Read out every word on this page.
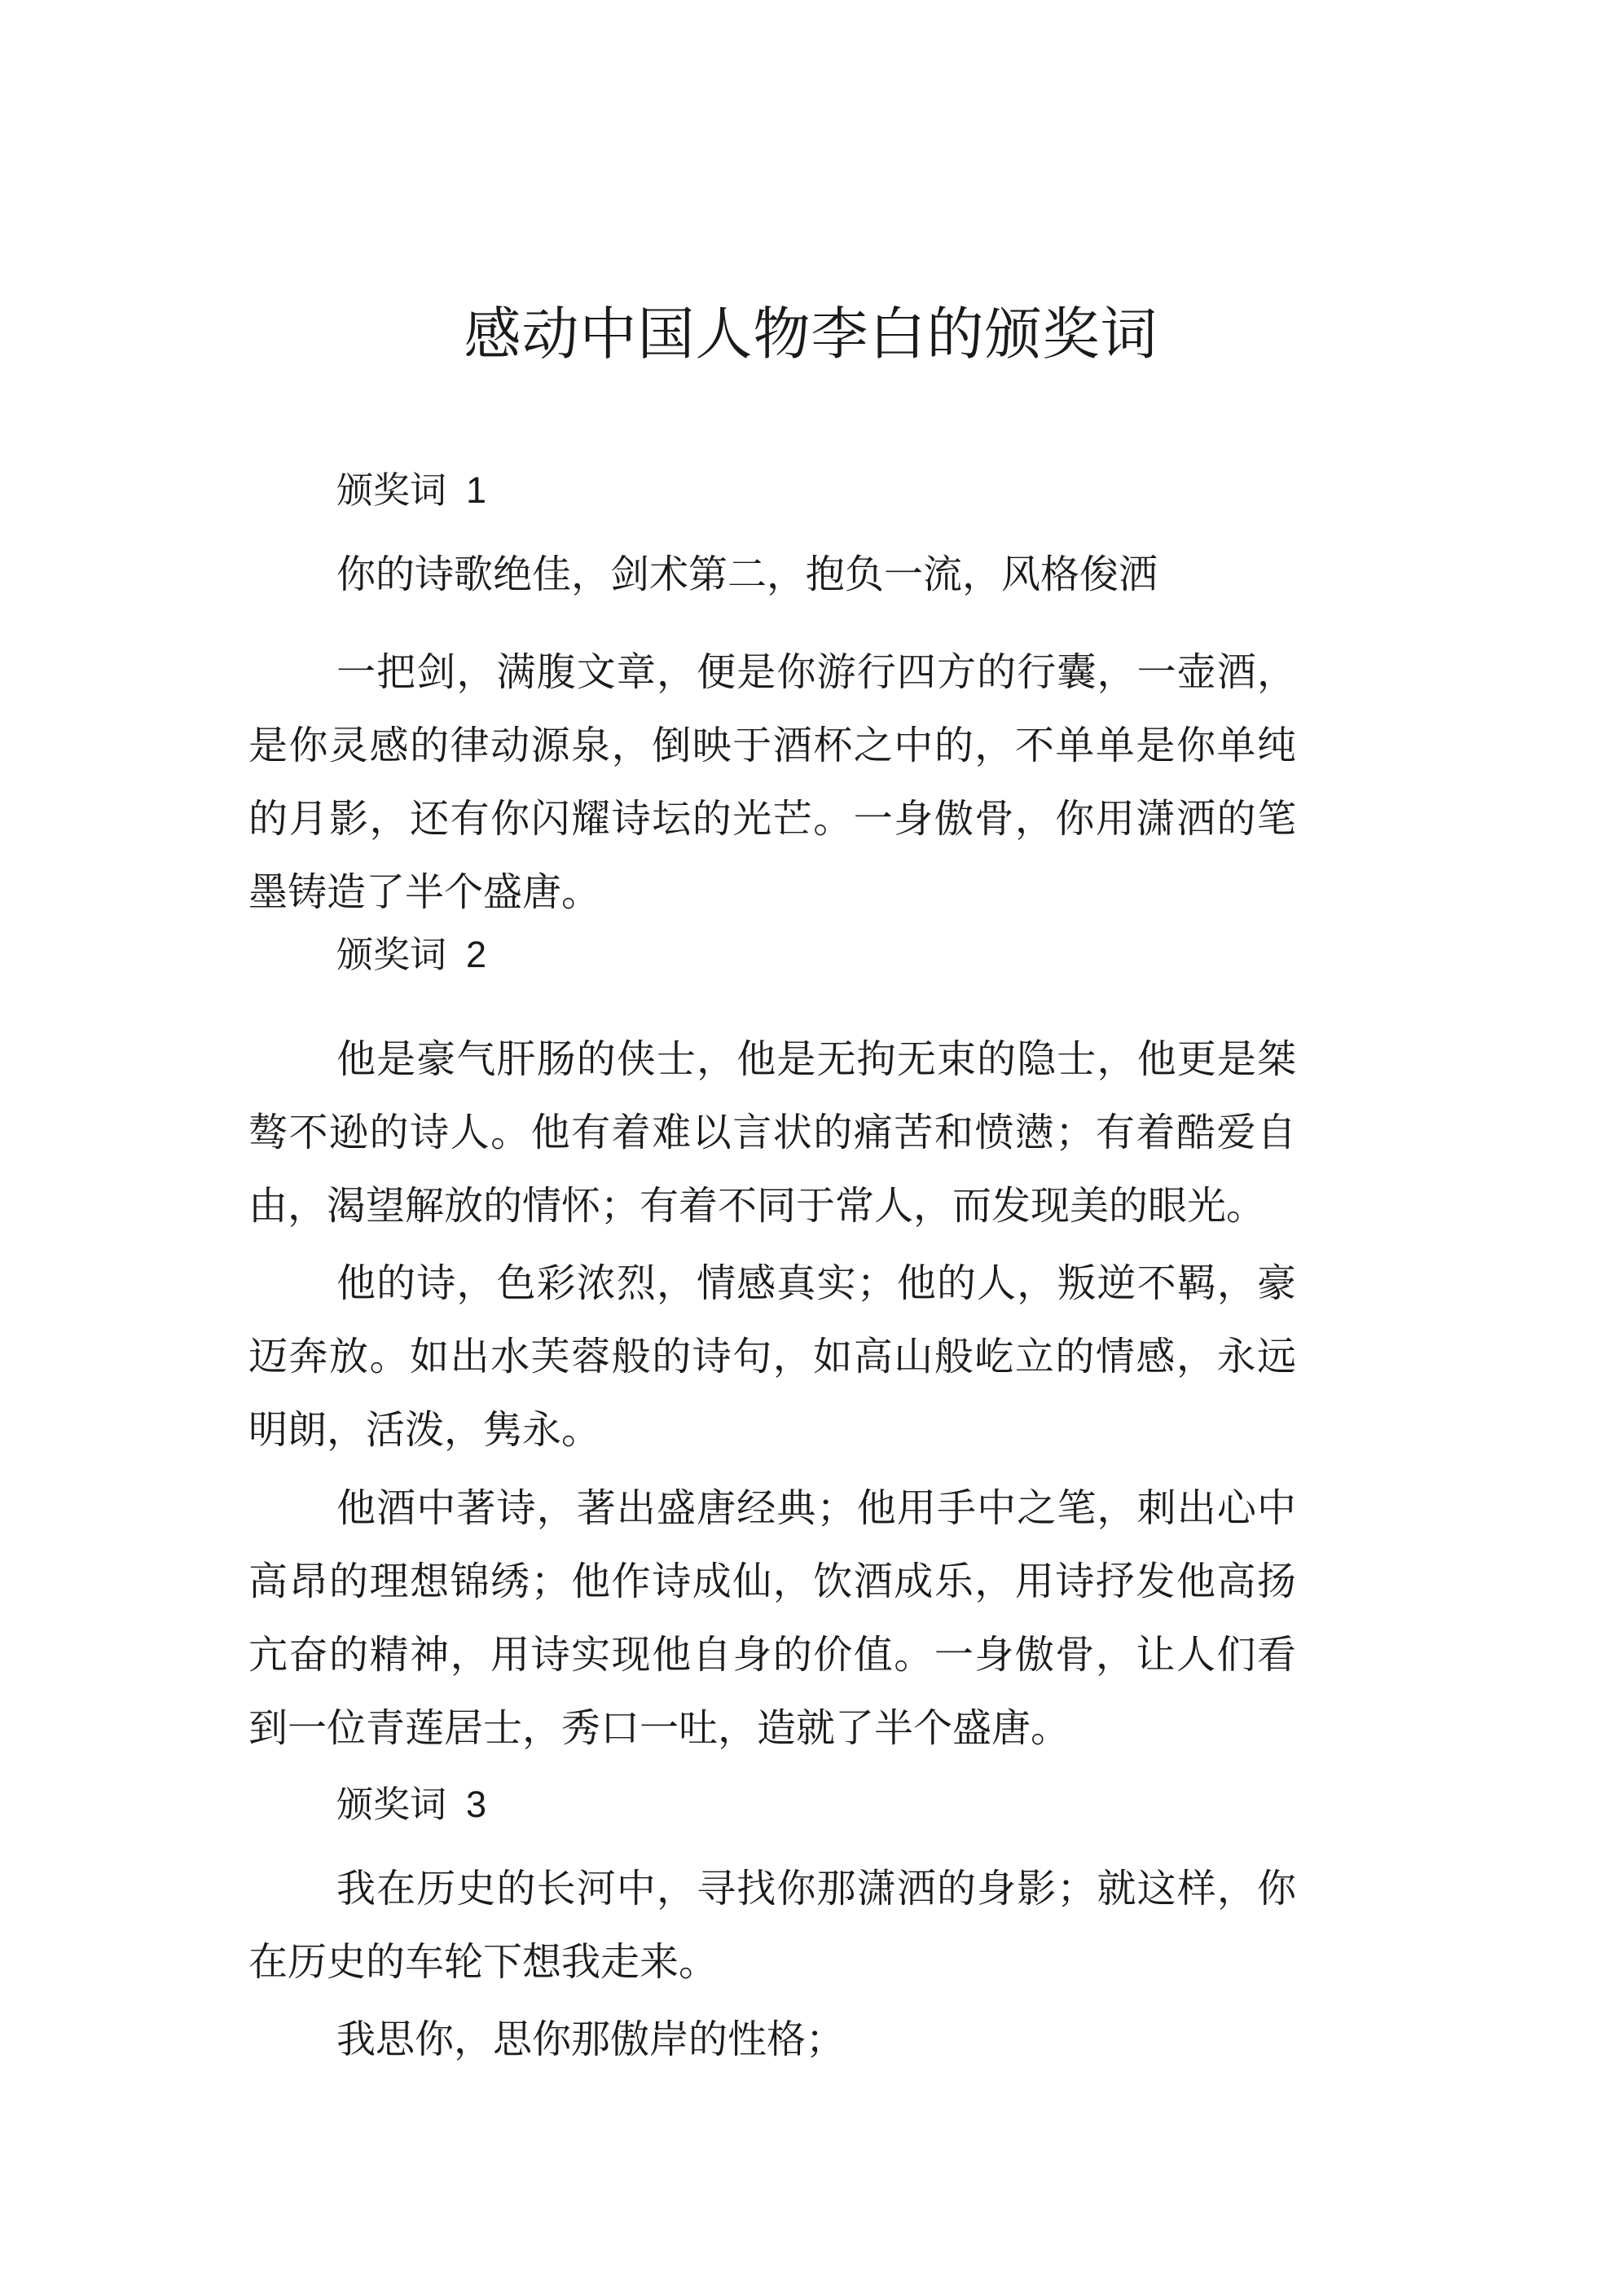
感动中国人物李白的颁奖词
颁奖词 1

你的诗歌绝佳，剑术第二，抱负一流，风格俊洒

一把剑，满腹文章，便是你游行四方的行囊，一壶酒，是你灵感的律动源泉，倒映于酒杯之中的，不单单是你单纯的月影，还有你闪耀诗坛的光芒。一身傲骨，你用潇洒的笔墨铸造了半个盛唐。

颁奖词 2

他是豪气肝肠的侠士，他是无拘无束的隐士，他更是桀骜不逊的诗人。他有着难以言状的痛苦和愤懑；有着酷爱自由，渴望解放的情怀；有着不同于常人，而发现美的眼光。

他的诗，色彩浓烈，情感真实；他的人，叛逆不羁，豪迈奔放。如出水芙蓉般的诗句，如高山般屹立的情感，永远明朗，活泼，隽永。

他酒中著诗，著出盛唐经典；他用手中之笔，刺出心中高昂的理想锦绣；他作诗成仙，饮酒成乐，用诗抒发他高扬亢奋的精神，用诗实现他自身的价值。一身傲骨，让人们看到一位青莲居士，秀口一吐，造就了半个盛唐。

颁奖词 3

我在历史的长河中，寻找你那潇洒的身影；就这样，你在历史的车轮下想我走来。

我思你，思你那傲岸的性格；
